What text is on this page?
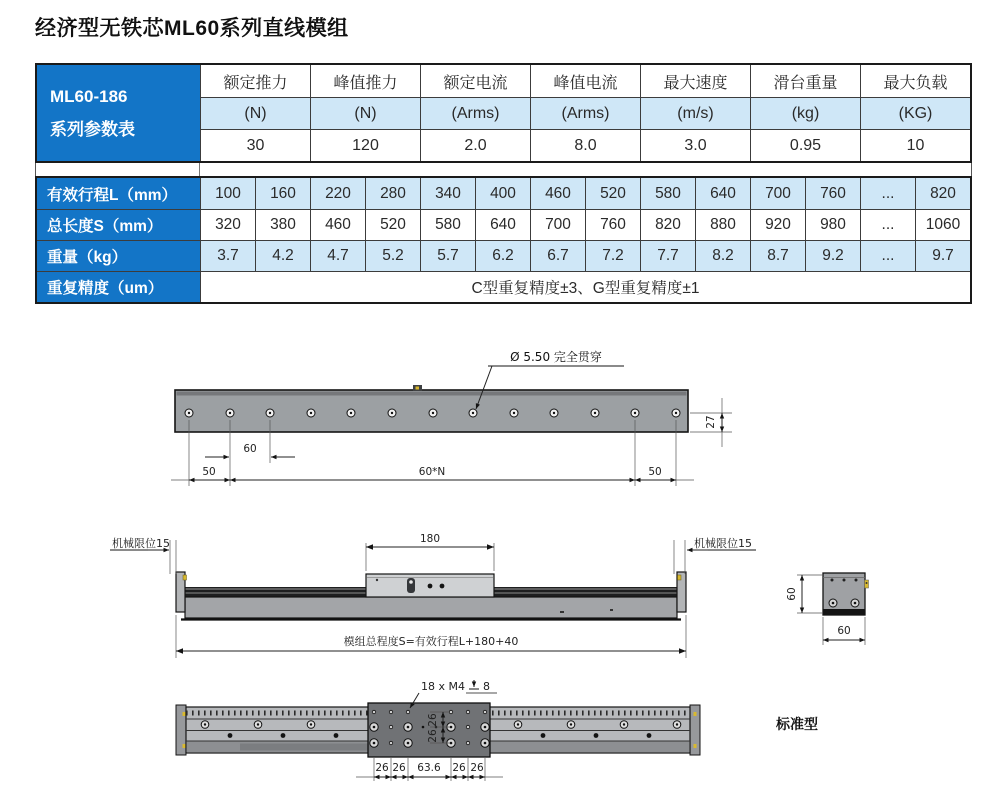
经济型无铁芯ML60系列直线模组
ML60-186
系列参数表
额定推力	峰值推力	额定电流	峰值电流	最大速度	滑台重量	最大负载
(N)	(N)	(Arms)	(Arms)	(m/s)	(kg)	(KG)
30	120	2.0	8.0	3.0	0.95	10
有效行程L（mm）	100	160	220	280	340	400	460	520	580	640	700	760	...	820
总长度S（mm）	320	380	460	520	580	640	700	760	820	880	920	980	...	1060
重量（kg）	3.7	4.2	4.7	5.2	5.7	6.2	6.7	7.2	7.7	8.2	8.7	9.2	...	9.7
重复精度（um）	C型重复精度±3、G型重复精度±1
Ø 5.50 完全贯穿
27
60
50	60*N	50
180
机械限位15	机械限位15
模组总程度S=有效行程L+180+40
60
60
18 x M4 8
26
26
26 26 63.6 26 26
标准型
